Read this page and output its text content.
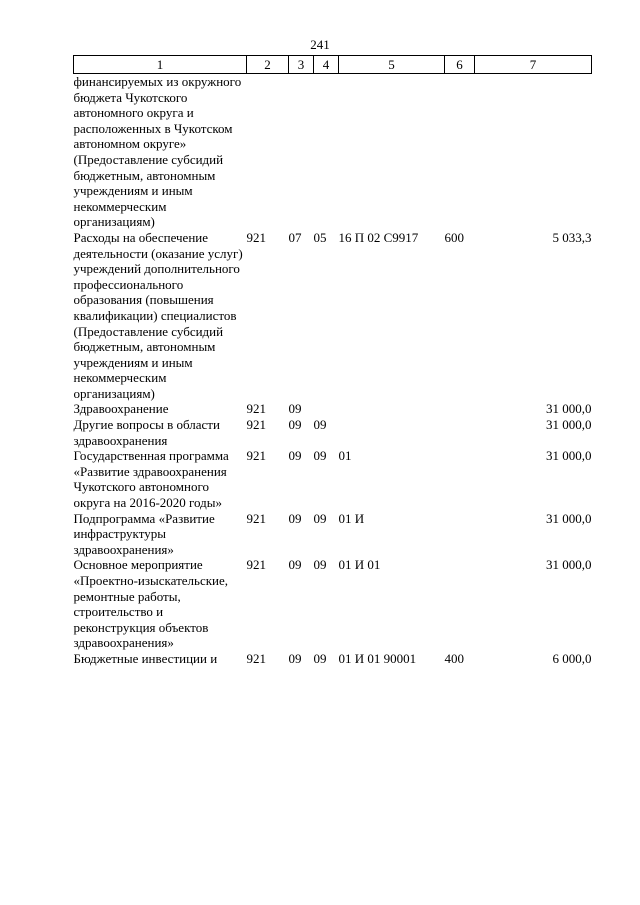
241
1	2	3	4	5	6	7
финансируемых из окружного бюджета Чукотского автономного округа и расположенных в Чукотском автономном округе» (Предоставление субсидий бюджетным, автономным учреждениям и иным некоммерческим организациям)						
Расходы на обеспечение деятельности (оказание услуг) учреждений дополнительного профессионального образования (повышения квалификации) специалистов (Предоставление субсидий бюджетным, автономным учреждениям и иным некоммерческим организациям)	921	07	05	16 П 02 С9917	600	5 033,3
Здравоохранение	921	09				31 000,0
Другие вопросы в области здравоохранения	921	09	09			31 000,0
Государственная программа «Развитие здравоохранения Чукотского автономного округа на 2016-2020 годы»	921	09	09	01		31 000,0
Подпрограмма «Развитие инфраструктуры здравоохранения»	921	09	09	01 И		31 000,0
Основное мероприятие «Проектно-изыскательские, ремонтные работы, строительство и реконструкция объектов здравоохранения»	921	09	09	01 И 01		31 000,0
Бюджетные инвестиции и	921	09	09	01 И 01 90001	400	6 000,0
